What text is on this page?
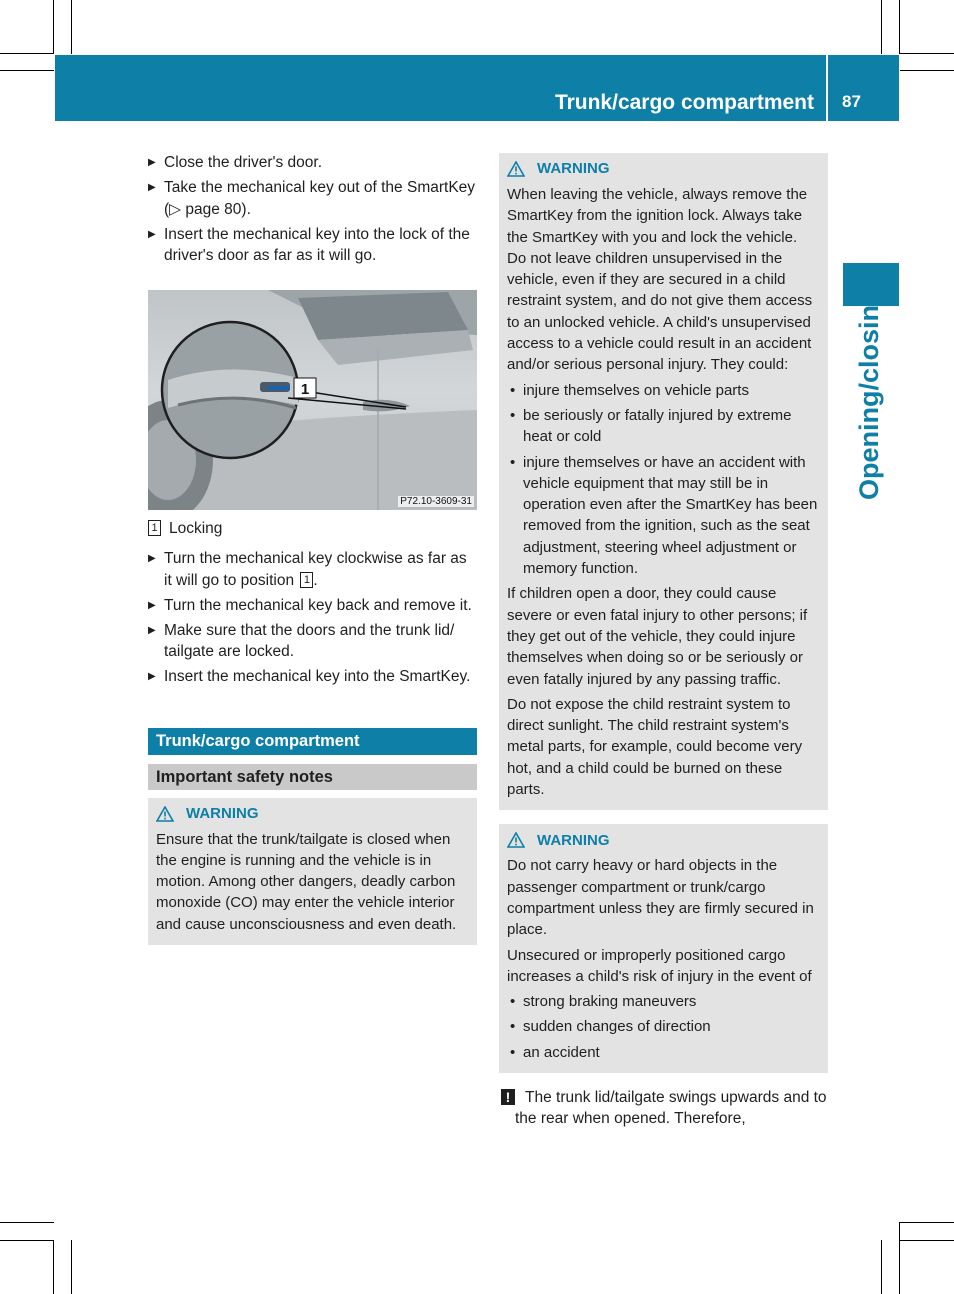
Trunk/cargo compartment 87
Opening/closing
▶ Close the driver's door.
▶ Take the mechanical key out of the SmartKey (▷ page 80).
▶ Insert the mechanical key into the lock of the driver's door as far as it will go.
1
P72.10-3609-31
1 Locking
▶ Turn the mechanical key clockwise as far as it will go to position 1 .
▶ Turn the mechanical key back and remove it.
▶ Make sure that the doors and the trunk lid/ tailgate are locked.
▶ Insert the mechanical key into the SmartKey.
Trunk/cargo compartment
Important safety notes
WARNING

Ensure that the trunk/tailgate is closed when the engine is running and the vehicle is in motion. Among other dangers, deadly carbon monoxide (CO) may enter the vehicle interior and cause unconsciousness and even death.

WARNING

When leaving the vehicle, always remove the SmartKey from the ignition lock. Always take the SmartKey with you and lock the vehicle. Do not leave children unsupervised in the vehicle, even if they are secured in a child restraint system, and do not give them access to an unlocked vehicle. A child's unsupervised access to a vehicle could result in an accident and/or serious personal injury. They could:

• injure themselves on vehicle parts
• be seriously or fatally injured by extreme heat or cold
• injure themselves or have an accident with vehicle equipment that may still be in operation even after the SmartKey has been removed from the ignition, such as the seat adjustment, steering wheel adjustment or memory function.

If children open a door, they could cause severe or even fatal injury to other persons; if they get out of the vehicle, they could injure themselves when doing so or be seriously or even fatally injured by any passing traffic.

Do not expose the child restraint system to direct sunlight. The child restraint system's metal parts, for example, could become very hot, and a child could be burned on these parts.

WARNING

Do not carry heavy or hard objects in the passenger compartment or trunk/cargo compartment unless they are firmly secured in place.

Unsecured or improperly positioned cargo increases a child's risk of injury in the event of

• strong braking maneuvers
• sudden changes of direction
• an accident
! The trunk lid/tailgate swings upwards and to the rear when opened. Therefore,
